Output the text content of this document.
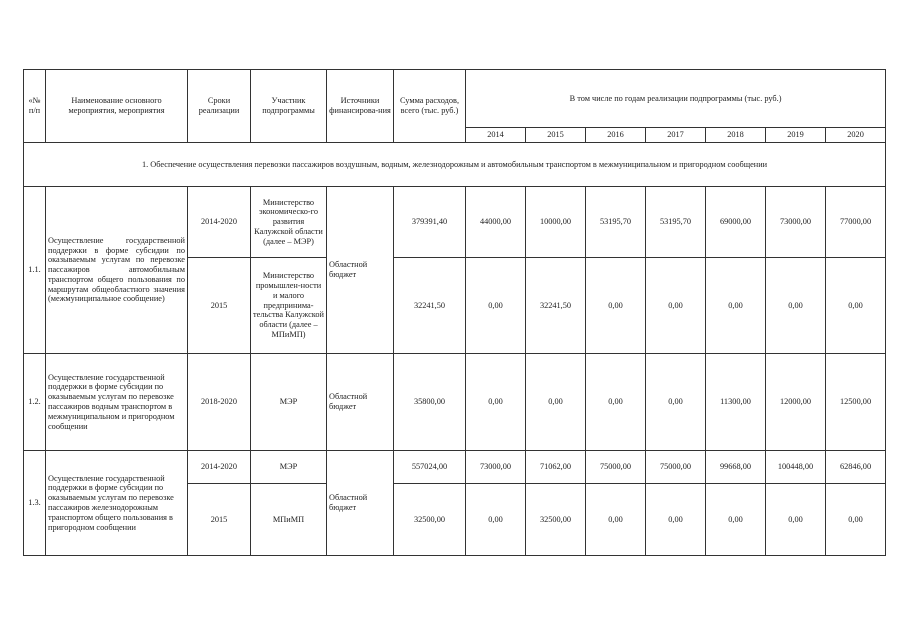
«№ п/п	Наименование основного мероприятия, мероприятия	Сроки реализации	Участник подпрограммы	Источники финансирова-ния	Сумма расходов, всего (тыс. руб.)	В том числе по годам реализации подпрограммы (тыс. руб.)						
						2014	2015	2016	2017	2018	2019	2020
1. Обеспечение осуществления перевозки пассажиров воздушным, водным, железнодорожным и автомобильным транспортом в межмуниципальном и пригородном сообщении												
1.1.	Осуществление государственной поддержки в форме субсидии по оказываемым услугам по перевозке пассажиров автомобильным транспортом общего пользования по маршрутам общеобластного значения (межмуниципальное сообщение)	2014-2020	Министерство экономическо-го развития Калужской области (далее – МЭР)	Областной бюджет	379391,40	44000,00	10000,00	53195,70	53195,70	69000,00	73000,00	77000,00
		2015	Министерство промышлен-ности и малого предпринима-тельства Калужской области (далее – МПиМП)		32241,50	0,00	32241,50	0,00	0,00	0,00	0,00	0,00
1.2.	Осуществление государственной поддержки в форме субсидии по оказываемым услугам по перевозке пассажиров водным транспортом в межмуниципальном и пригородном сообщении	2018-2020	МЭР	Областной бюджет	35800,00	0,00	0,00	0,00	0,00	11300,00	12000,00	12500,00
1.3.	Осуществление государственной поддержки в форме субсидии по оказываемым услугам по перевозке пассажиров железнодорожным транспортом общего пользования в пригородном сообщении	2014-2020	МЭР	Областной бюджет	557024,00	73000,00	71062,00	75000,00	75000,00	99668,00	100448,00	62846,00
		2015	МПиМП		32500,00	0,00	32500,00	0,00	0,00	0,00	0,00	0,00
